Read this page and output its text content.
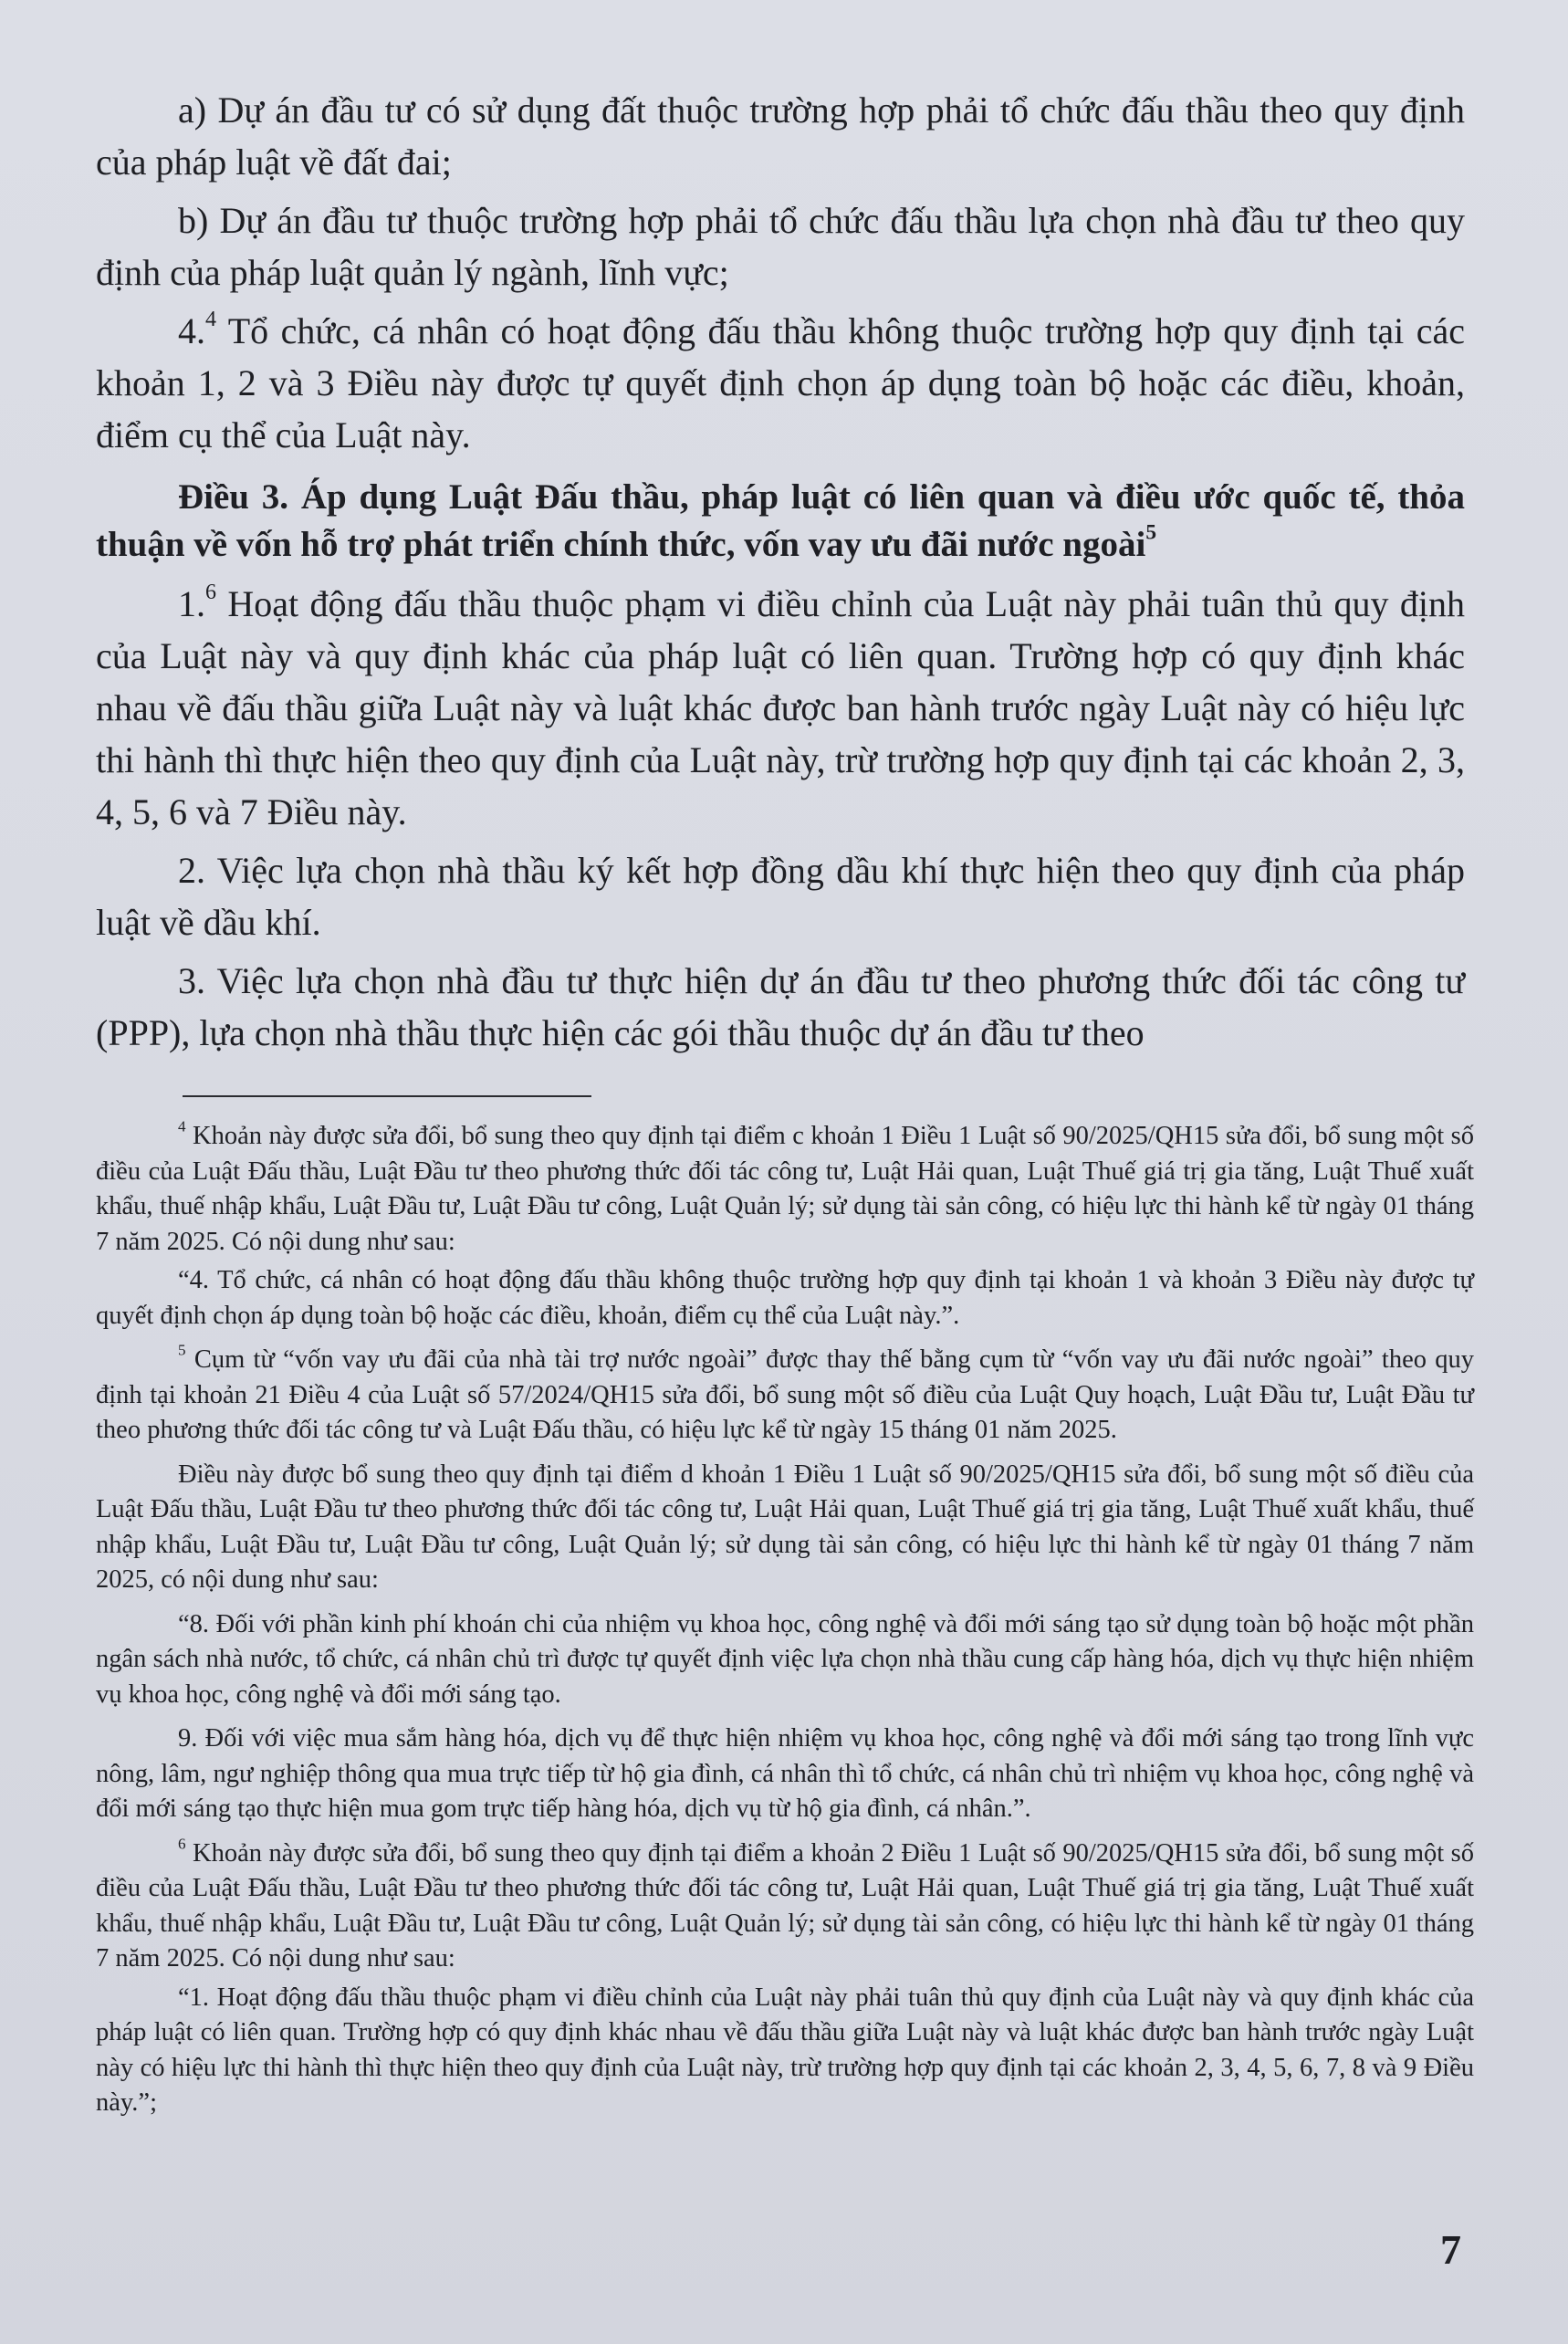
a) Dự án đầu tư có sử dụng đất thuộc trường hợp phải tổ chức đấu thầu theo quy định của pháp luật về đất đai;

b) Dự án đầu tư thuộc trường hợp phải tổ chức đấu thầu lựa chọn nhà đầu tư theo quy định của pháp luật quản lý ngành, lĩnh vực;

4.$^4$ Tổ chức, cá nhân có hoạt động đấu thầu không thuộc trường hợp quy định tại các khoản 1, 2 và 3 Điều này được tự quyết định chọn áp dụng toàn bộ hoặc các điều, khoản, điểm cụ thể của Luật này.

Điều 3. Áp dụng Luật Đấu thầu, pháp luật có liên quan và điều ước quốc tế, thỏa thuận về vốn hỗ trợ phát triển chính thức, vốn vay ưu đãi nước ngoài$^5$

1.$^6$ Hoạt động đấu thầu thuộc phạm vi điều chỉnh của Luật này phải tuân thủ quy định của Luật này và quy định khác của pháp luật có liên quan. Trường hợp có quy định khác nhau về đấu thầu giữa Luật này và luật khác được ban hành trước ngày Luật này có hiệu lực thi hành thì thực hiện theo quy định của Luật này, trừ trường hợp quy định tại các khoản 2, 3, 4, 5, 6 và 7 Điều này.

2. Việc lựa chọn nhà thầu ký kết hợp đồng dầu khí thực hiện theo quy định của pháp luật về dầu khí.

3. Việc lựa chọn nhà đầu tư thực hiện dự án đầu tư theo phương thức đối tác công tư (PPP), lựa chọn nhà thầu thực hiện các gói thầu thuộc dự án đầu tư theo

$^4$ Khoản này được sửa đổi, bổ sung theo quy định tại điểm c khoản 1 Điều 1 Luật số 90/2025/QH15 sửa đổi, bổ sung một số điều của Luật Đấu thầu, Luật Đầu tư theo phương thức đối tác công tư, Luật Hải quan, Luật Thuế giá trị gia tăng, Luật Thuế xuất khẩu, thuế nhập khẩu, Luật Đầu tư, Luật Đầu tư công, Luật Quản lý; sử dụng tài sản công, có hiệu lực thi hành kể từ ngày 01 tháng 7 năm 2025. Có nội dung như sau:

“4. Tổ chức, cá nhân có hoạt động đấu thầu không thuộc trường hợp quy định tại khoản 1 và khoản 3 Điều này được tự quyết định chọn áp dụng toàn bộ hoặc các điều, khoản, điểm cụ thể của Luật này.”.

$^5$ Cụm từ “vốn vay ưu đãi của nhà tài trợ nước ngoài” được thay thế bằng cụm từ “vốn vay ưu đãi nước ngoài” theo quy định tại khoản 21 Điều 4 của Luật số 57/2024/QH15 sửa đổi, bổ sung một số điều của Luật Quy hoạch, Luật Đầu tư, Luật Đầu tư theo phương thức đối tác công tư và Luật Đấu thầu, có hiệu lực kể từ ngày 15 tháng 01 năm 2025.

Điều này được bổ sung theo quy định tại điểm d khoản 1 Điều 1 Luật số 90/2025/QH15 sửa đổi, bổ sung một số điều của Luật Đấu thầu, Luật Đầu tư theo phương thức đối tác công tư, Luật Hải quan, Luật Thuế giá trị gia tăng, Luật Thuế xuất khẩu, thuế nhập khẩu, Luật Đầu tư, Luật Đầu tư công, Luật Quản lý; sử dụng tài sản công, có hiệu lực thi hành kể từ ngày 01 tháng 7 năm 2025, có nội dung như sau:

“8. Đối với phần kinh phí khoán chi của nhiệm vụ khoa học, công nghệ và đổi mới sáng tạo sử dụng toàn bộ hoặc một phần ngân sách nhà nước, tổ chức, cá nhân chủ trì được tự quyết định việc lựa chọn nhà thầu cung cấp hàng hóa, dịch vụ thực hiện nhiệm vụ khoa học, công nghệ và đổi mới sáng tạo.

9. Đối với việc mua sắm hàng hóa, dịch vụ để thực hiện nhiệm vụ khoa học, công nghệ và đổi mới sáng tạo trong lĩnh vực nông, lâm, ngư nghiệp thông qua mua trực tiếp từ hộ gia đình, cá nhân thì tổ chức, cá nhân chủ trì nhiệm vụ khoa học, công nghệ và đổi mới sáng tạo thực hiện mua gom trực tiếp hàng hóa, dịch vụ từ hộ gia đình, cá nhân.”.

$^6$ Khoản này được sửa đổi, bổ sung theo quy định tại điểm a khoản 2 Điều 1 Luật số 90/2025/QH15 sửa đổi, bổ sung một số điều của Luật Đấu thầu, Luật Đầu tư theo phương thức đối tác công tư, Luật Hải quan, Luật Thuế giá trị gia tăng, Luật Thuế xuất khẩu, thuế nhập khẩu, Luật Đầu tư, Luật Đầu tư công, Luật Quản lý; sử dụng tài sản công, có hiệu lực thi hành kể từ ngày 01 tháng 7 năm 2025. Có nội dung như sau:

“1. Hoạt động đấu thầu thuộc phạm vi điều chỉnh của Luật này phải tuân thủ quy định của Luật này và quy định khác của pháp luật có liên quan. Trường hợp có quy định khác nhau về đấu thầu giữa Luật này và luật khác được ban hành trước ngày Luật này có hiệu lực thi hành thì thực hiện theo quy định của Luật này, trừ trường hợp quy định tại các khoản 2, 3, 4, 5, 6, 7, 8 và 9 Điều này.”;

7
